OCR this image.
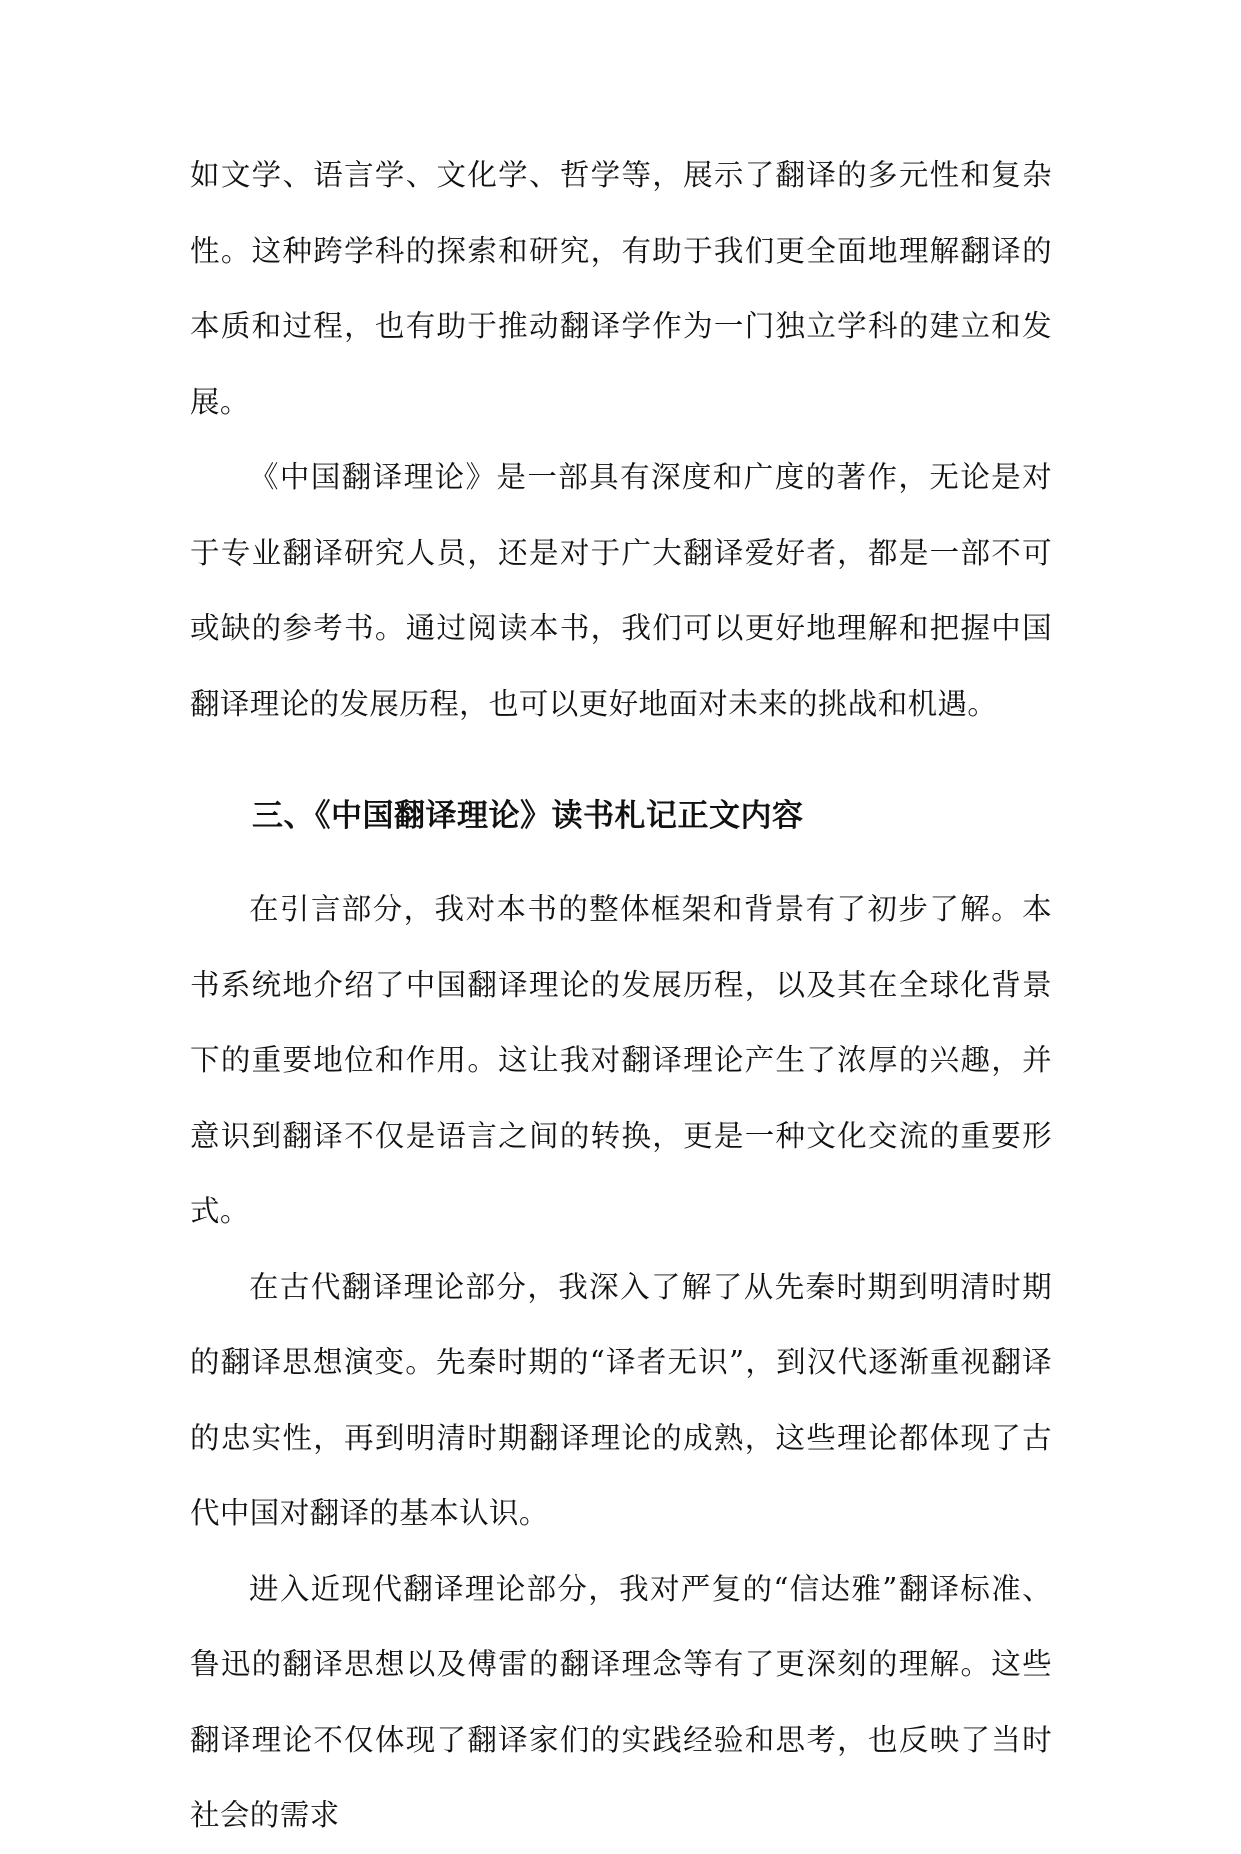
如文学、语言学、文化学、哲学等，展示了翻译的多元性和复杂性。这种跨学科的探索和研究，有助于我们更全面地理解翻译的本质和过程，也有助于推动翻译学作为一门独立学科的建立和发展。

《中国翻译理论》是一部具有深度和广度的著作，无论是对于专业翻译研究人员，还是对于广大翻译爱好者，都是一部不可或缺的参考书。通过阅读本书，我们可以更好地理解和把握中国翻译理论的发展历程，也可以更好地面对未来的挑战和机遇。

三、《中国翻译理论》读书札记正文内容

在引言部分，我对本书的整体框架和背景有了初步了解。本书系统地介绍了中国翻译理论的发展历程，以及其在全球化背景下的重要地位和作用。这让我对翻译理论产生了浓厚的兴趣，并意识到翻译不仅是语言之间的转换，更是一种文化交流的重要形式。

在古代翻译理论部分，我深入了解了从先秦时期到明清时期的翻译思想演变。先秦时期的“译者无识”，到汉代逐渐重视翻译的忠实性，再到明清时期翻译理论的成熟，这些理论都体现了古代中国对翻译的基本认识。

进入近现代翻译理论部分，我对严复的“信达雅”翻译标准、鲁迅的翻译思想以及傅雷的翻译理念等有了更深刻的理解。这些翻译理论不仅体现了翻译家们的实践经验和思考，也反映了当时社会的需求
